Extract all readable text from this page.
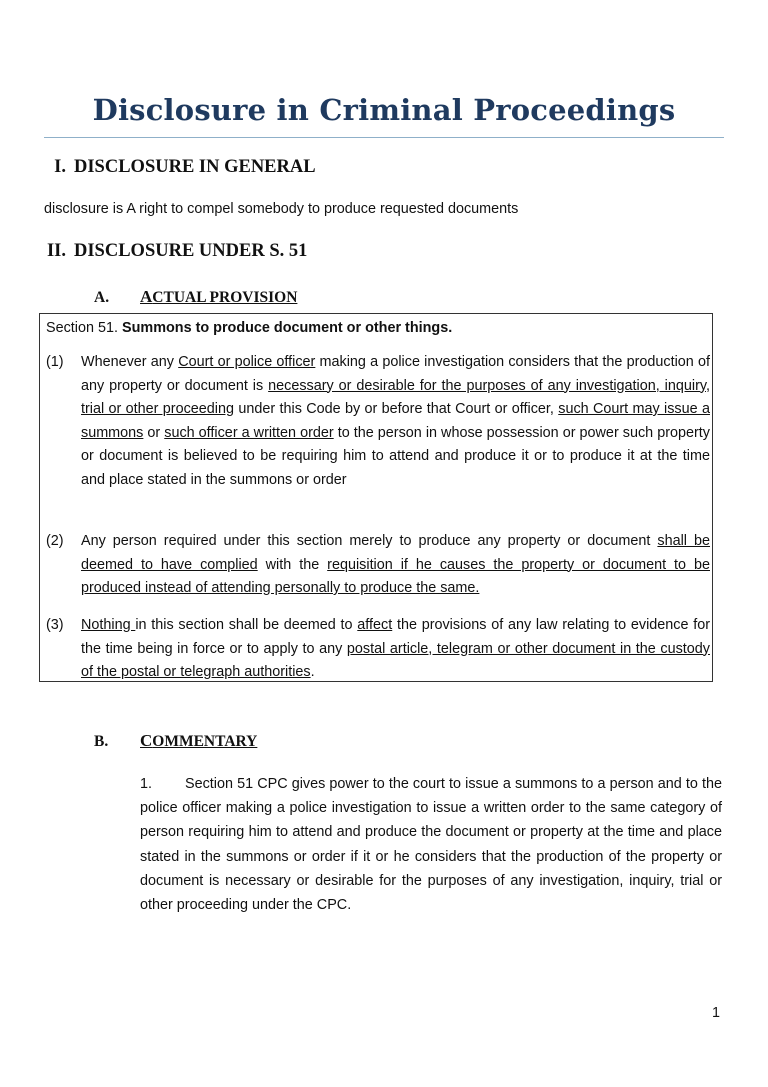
Disclosure in Criminal Proceedings
I. DISCLOSURE IN GENERAL
disclosure is A right to compel somebody to produce requested documents
II. DISCLOSURE UNDER S. 51
A. ACTUAL PROVISION
Section 51. Summons to produce document or other things.
(1)	Whenever any Court or police officer making a police investigation considers that the production of any property or document is necessary or desirable for the purposes of any investigation, inquiry, trial or other proceeding under this Code by or before that Court or officer, such Court may issue a summons or such officer a written order to the person in whose possession or power such property or document is believed to be requiring him to attend and produce it or to produce it at the time and place stated in the summons or order
(2)	Any person required under this section merely to produce any property or document shall be deemed to have complied with the requisition if he causes the property or document to be produced instead of attending personally to produce the same.
(3)	Nothing in this section shall be deemed to affect the provisions of any law relating to evidence for the time being in force or to apply to any postal article, telegram or other document in the custody of the postal or telegraph authorities.
B. COMMENTARY
1. Section 51 CPC gives power to the court to issue a summons to a person and to the police officer making a police investigation to issue a written order to the same category of person requiring him to attend and produce the document or property at the time and place stated in the summons or order if it or he considers that the production of the property or document is necessary or desirable for the purposes of any investigation, inquiry, trial or other proceeding under the CPC.
1
